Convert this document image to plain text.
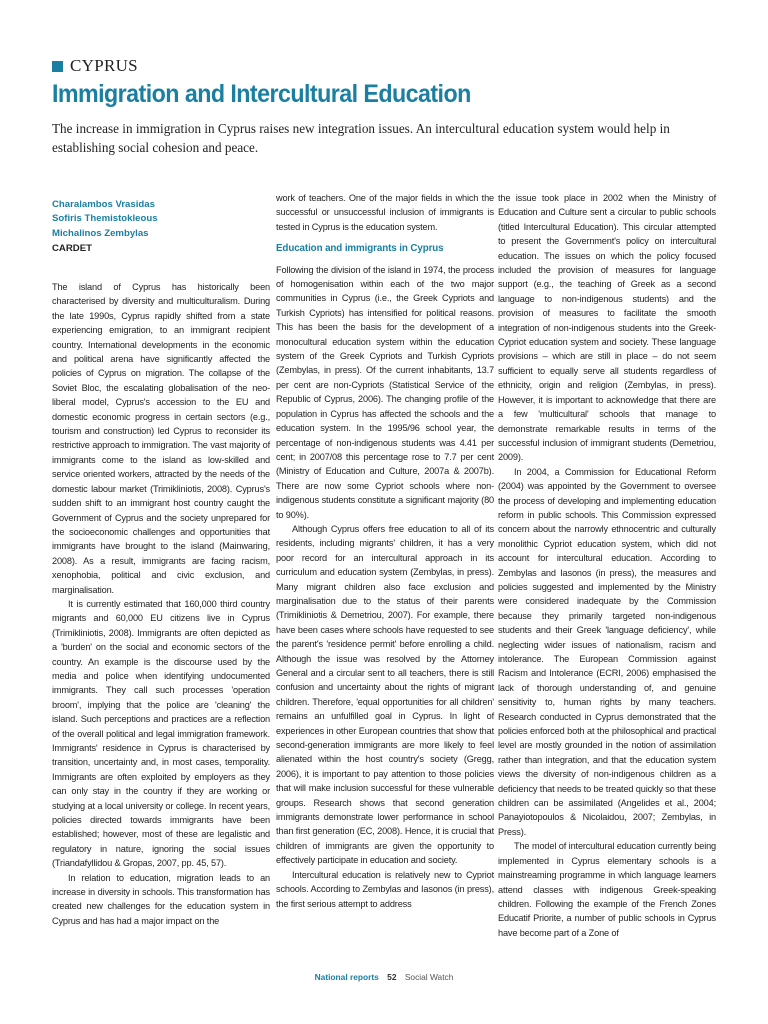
CYPRUS
Immigration and Intercultural Education

The increase in immigration in Cyprus raises new integration issues. An intercultural education system would help in establishing social cohesion and peace.

Charalambos Vrasidas
Sofiris Themistokleous
Michalinos Zembylas
CARDET

The island of Cyprus has historically been characterised by diversity and multiculturalism. During the late 1990s, Cyprus rapidly shifted from a state experiencing emigration, to an immigrant recipient country. International developments in the economic and political arena have significantly affected the policies of Cyprus on migration. The collapse of the Soviet Bloc, the escalating globalisation of the neo-liberal model, Cyprus's accession to the EU and domestic economic progress in certain sectors (e.g., tourism and construction) led Cyprus to reconsider its restrictive approach to immigration. The vast majority of immigrants come to the island as low-skilled and service oriented workers, attracted by the needs of the domestic labour market (Trimikliniotis, 2008). Cyprus's sudden shift to an immigrant host country caught the Government of Cyprus and the society unprepared for the socioeconomic challenges and opportunities that immigrants have brought to the island (Mainwaring, 2008). As a result, immigrants are facing racism, xenophobia, political and civic exclusion, and marginalisation.

It is currently estimated that 160,000 third country migrants and 60,000 EU citizens live in Cyprus (Trimikliniotis, 2008). Immigrants are often depicted as a 'burden' on the social and economic sectors of the country. An example is the discourse used by the media and police when identifying undocumented immigrants. They call such processes 'operation broom', implying that the police are 'cleaning' the island. Such perceptions and practices are a reflection of the overall political and legal immigration framework. Immigrants' residence in Cyprus is characterised by transition, uncertainty and, in most cases, temporality. Immigrants are often exploited by employers as they can only stay in the country if they are working or studying at a local university or college. In recent years, policies directed towards immigrants have been established; however, most of these are legalistic and regulatory in nature, ignoring the social issues (Triandafyllidou & Gropas, 2007, pp. 45, 57).

In relation to education, migration leads to an increase in diversity in schools. This transformation has created new challenges for the education system in Cyprus and has had a major impact on the

work of teachers. One of the major fields in which the successful or unsuccessful inclusion of immigrants is tested in Cyprus is the education system.

Education and immigrants in Cyprus

Following the division of the island in 1974, the process of homogenisation within each of the two major communities in Cyprus (i.e., the Greek Cypriots and Turkish Cypriots) has intensified for political reasons. This has been the basis for the development of a monocultural education system within the education system of the Greek Cypriots and Turkish Cypriots (Zembylas, in press). Of the current inhabitants, 13.7 per cent are non-Cypriots (Statistical Service of the Republic of Cyprus, 2006). The changing profile of the population in Cyprus has affected the schools and the education system. In the 1995/96 school year, the percentage of non-indigenous students was 4.41 per cent; in 2007/08 this percentage rose to 7.7 per cent (Ministry of Education and Culture, 2007a & 2007b). There are now some Cypriot schools where non-indigenous students constitute a significant majority (80 to 90%).

Although Cyprus offers free education to all of its residents, including migrants' children, it has a very poor record for an intercultural approach in its curriculum and education system (Zembylas, in press). Many migrant children also face exclusion and marginalisation due to the status of their parents (Trimikliniotis & Demetriou, 2007). For example, there have been cases where schools have requested to see the parent's 'residence permit' before enrolling a child. Although the issue was resolved by the Attorney General and a circular sent to all teachers, there is still confusion and uncertainty about the rights of migrant children. Therefore, 'equal opportunities for all children' remains an unfulfilled goal in Cyprus. In light of experiences in other European countries that show that second-generation immigrants are more likely to feel alienated within the host country's society (Gregg, 2006), it is important to pay attention to those policies that will make inclusion successful for these vulnerable groups. Research shows that second generation immigrants demonstrate lower performance in school than first generation (EC, 2008). Hence, it is crucial that children of immigrants are given the opportunity to effectively participate in education and society.

Intercultural education is relatively new to Cypriot schools. According to Zembylas and Iasonos (in press), the first serious attempt to address

the issue took place in 2002 when the Ministry of Education and Culture sent a circular to public schools (titled Intercultural Education). This circular attempted to present the Government's policy on intercultural education. The issues on which the policy focused included the provision of measures for language support (e.g., the teaching of Greek as a second language to non-indigenous students) and the provision of measures to facilitate the smooth integration of non-indigenous students into the Greek-Cypriot education system and society. These language provisions – which are still in place – do not seem sufficient to equally serve all students regardless of ethnicity, origin and religion (Zembylas, in press). However, it is important to acknowledge that there are a few 'multicultural' schools that manage to demonstrate remarkable results in terms of the successful inclusion of immigrant students (Demetriou, 2009).

In 2004, a Commission for Educational Reform (2004) was appointed by the Government to oversee the process of developing and implementing education reform in public schools. This Commission expressed concern about the narrowly ethnocentric and culturally monolithic Cypriot education system, which did not account for intercultural education. According to Zembylas and Iasonos (in press), the measures and policies suggested and implemented by the Ministry were considered inadequate by the Commission because they primarily targeted non-indigenous students and their Greek 'language deficiency', while neglecting wider issues of nationalism, racism and intolerance. The European Commission against Racism and Intolerance (ECRI, 2006) emphasised the lack of thorough understanding of, and genuine sensitivity to, human rights by many teachers. Research conducted in Cyprus demonstrated that the policies enforced both at the philosophical and practical level are mostly grounded in the notion of assimilation rather than integration, and that the education system views the diversity of non-indigenous children as a deficiency that needs to be treated quickly so that these children can be assimilated (Angelides et al., 2004; Panayiotopoulos & Nicolaidou, 2007; Zembylas, in Press).

The model of intercultural education currently being implemented in Cyprus elementary schools is a mainstreaming programme in which language learners attend classes with indigenous Greek-speaking children. Following the example of the French Zones Educatif Priorite, a number of public schools in Cyprus have become part of a Zone of

National reports 52 Social Watch
